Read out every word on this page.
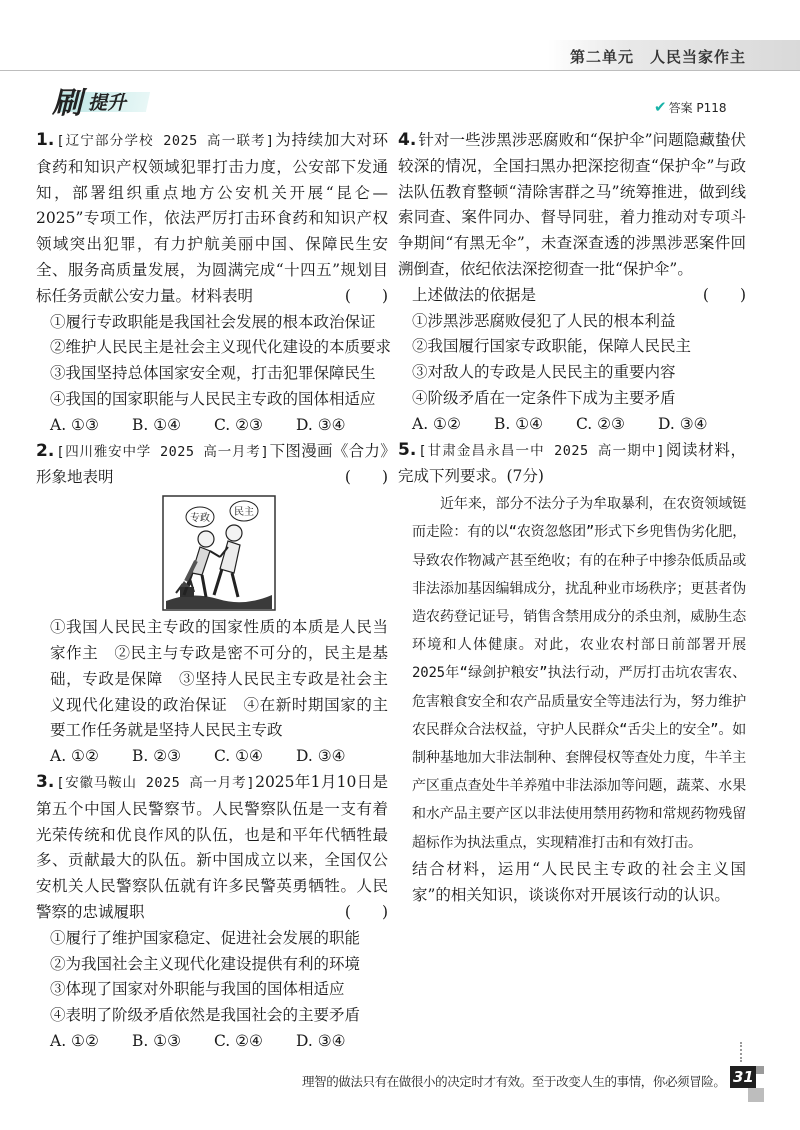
第二单元　人民当家作主
刷 提升	✔ 答案 P118
1. [辽宁部分学校 2025 高一联考]为持续加大对环食药和知识产权领域犯罪打击力度，公安部下发通知，部署组织重点地方公安机关开展“昆仑—2025”专项工作，依法严厉打击环食药和知识产权领域突出犯罪，有力护航美丽中国、保障民生安全、服务高质量发展，为圆满完成“十四五”规划目标任务贡献公安力量。材料表明	(　　)
①履行专政职能是我国社会发展的根本政治保证
②维护人民民主是社会主义现代化建设的本质要求
③我国坚持总体国家安全观，打击犯罪保障民生
④我国的国家职能与人民民主专政的国体相适应
A. ①③	B. ①④	C. ②③	D. ③④
2. [四川雅安中学 2025 高一月考]下图漫画《合力》形象地表明	(　　)
专政
民主
①我国人民民主专政的国家性质的本质是人民当家作主　②民主与专政是密不可分的，民主是基础，专政是保障　③坚持人民民主专政是社会主义现代化建设的政治保证　④在新时期国家的主要工作任务就是坚持人民民主专政
A. ①②	B. ②③	C. ①④	D. ③④
3. [安徽马鞍山 2025 高一月考]2025年1月10日是第五个中国人民警察节。人民警察队伍是一支有着光荣传统和优良作风的队伍，也是和平年代牺牲最多、贡献最大的队伍。新中国成立以来，全国仅公安机关人民警察队伍就有许多民警英勇牺牲。人民警察的忠诚履职	(　　)
①履行了维护国家稳定、促进社会发展的职能
②为我国社会主义现代化建设提供有利的环境
③体现了国家对外职能与我国的国体相适应
④表明了阶级矛盾依然是我国社会的主要矛盾
A. ①②	B. ①③	C. ②④	D. ③④
4. 针对一些涉黑涉恶腐败和“保护伞”问题隐藏蛰伏较深的情况，全国扫黑办把深挖彻查“保护伞”与政法队伍教育整顿“清除害群之马”统筹推进，做到线索同查、案件同办、督导同驻，着力推动对专项斗争期间“有黑无伞”，未查深查透的涉黑涉恶案件回溯倒查，依纪依法深挖彻查一批“保护伞”。
上述做法的依据是	(　　)
①涉黑涉恶腐败侵犯了人民的根本利益
②我国履行国家专政职能，保障人民民主
③对敌人的专政是人民民主的重要内容
④阶级矛盾在一定条件下成为主要矛盾
A. ①②	B. ①④	C. ②③	D. ③④
5. [甘肃金昌永昌一中 2025 高一期中]阅读材料，完成下列要求。(7分)
近年来，部分不法分子为牟取暴利，在农资领域铤而走险：有的以“农资忽悠团”形式下乡兜售伪劣化肥，导致农作物减产甚至绝收；有的在种子中掺杂低质品或非法添加基因编辑成分，扰乱种业市场秩序；更甚者伪造农药登记证号，销售含禁用成分的杀虫剂，威胁生态环境和人体健康。对此，农业农村部日前部署开展2025年“绿剑护粮安”执法行动，严厉打击坑农害农、危害粮食安全和农产品质量安全等违法行为，努力维护农民群众合法权益，守护人民群众“舌尖上的安全”。如制种基地加大非法制种、套牌侵权等查处力度，牛羊主产区重点查处牛羊养殖中非法添加等问题，蔬菜、水果和水产品主要产区以非法使用禁用药物和常规药物残留超标作为执法重点，实现精准打击和有效打击。
结合材料，运用“人民民主专政的社会主义国家”的相关知识，谈谈你对开展该行动的认识。
理智的做法只有在做很小的决定时才有效。至于改变人生的事情，你必须冒险。 31
